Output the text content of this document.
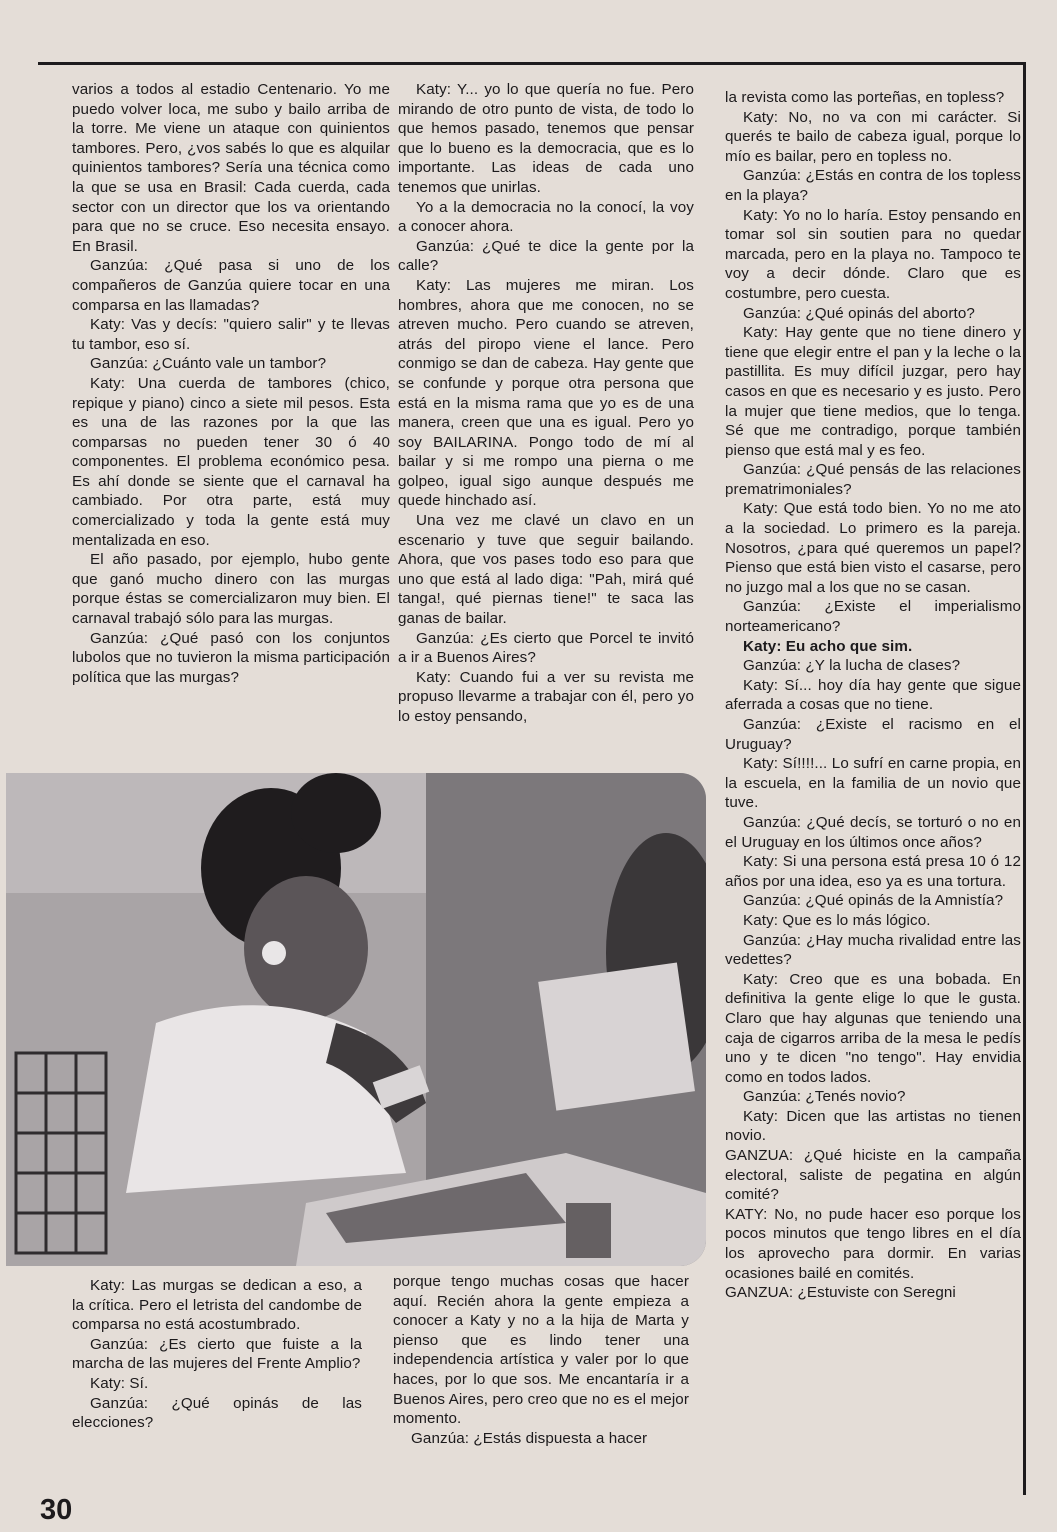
varios a todos al estadio Centenario. Yo me puedo volver loca, me subo y bailo arriba de la torre. Me viene un ataque con quinientos tambores. Pero, ¿vos sabés lo que es alquilar quinientos tambores? Sería una técnica como la que se usa en Brasil: Cada cuerda, cada sector con un director que los va orientando para que no se cruce. Eso necesita ensayo. En Brasil.

Ganzúa: ¿Qué pasa si uno de los compañeros de Ganzúa quiere tocar en una comparsa en las llamadas?

Katy: Vas y decís: "quiero salir" y te llevas tu tambor, eso sí.

Ganzúa: ¿Cuánto vale un tambor?

Katy: Una cuerda de tambores (chico, repique y piano) cinco a siete mil pesos. Esta es una de las razones por la que las comparsas no pueden tener 30 ó 40 componentes. El problema económico pesa. Es ahí donde se siente que el carnaval ha cambiado. Por otra parte, está muy comercializado y toda la gente está muy mentalizada en eso.

El año pasado, por ejemplo, hubo gente que ganó mucho dinero con las murgas porque éstas se comercializaron muy bien. El carnaval trabajó sólo para las murgas.

Ganzúa: ¿Qué pasó con los conjuntos lubolos que no tuvieron la misma participación política que las murgas?

Katy: Y... yo lo que quería no fue. Pero mirando de otro punto de vista, de todo lo que hemos pasado, tenemos que pensar que lo bueno es la democracia, que es lo importante. Las ideas de cada uno tenemos que unirlas.

Yo a la democracia no la conocí, la voy a conocer ahora.

Ganzúa: ¿Qué te dice la gente por la calle?

Katy: Las mujeres me miran. Los hombres, ahora que me conocen, no se atreven mucho. Pero cuando se atreven, atrás del piropo viene el lance. Pero conmigo se dan de cabeza. Hay gente que se confunde y porque otra persona que está en la misma rama que yo es de una manera, creen que una es igual. Pero yo soy BAILARINA. Pongo todo de mí al bailar y si me rompo una pierna o me golpeo, igual sigo aunque después me quede hinchado así.

Una vez me clavé un clavo en un escenario y tuve que seguir bailando. Ahora, que vos pases todo eso para que uno que está al lado diga: "Pah, mirá qué tanga!, qué piernas tiene!" te saca las ganas de bailar.

Ganzúa: ¿Es cierto que Porcel te invitó a ir a Buenos Aires?

Katy: Cuando fui a ver su revista me propuso llevarme a trabajar con él, pero yo lo estoy pensando,

la revista como las porteñas, en topless?

Katy: No, no va con mi carácter. Si querés te bailo de cabeza igual, porque lo mío es bailar, pero en topless no.

Ganzúa: ¿Estás en contra de los topless en la playa?

Katy: Yo no lo haría. Estoy pensando en tomar sol sin soutien para no quedar marcada, pero en la playa no. Tampoco te voy a decir dónde. Claro que es costumbre, pero cuesta.

Ganzúa: ¿Qué opinás del aborto?

Katy: Hay gente que no tiene dinero y tiene que elegir entre el pan y la leche o la pastillita. Es muy difícil juzgar, pero hay casos en que es necesario y es justo. Pero la mujer que tiene medios, que lo tenga. Sé que me contradigo, porque también pienso que está mal y es feo.

Ganzúa: ¿Qué pensás de las relaciones prematrimoniales?

Katy: Que está todo bien. Yo no me ato a la sociedad. Lo primero es la pareja. Nosotros, ¿para qué queremos un papel? Pienso que está bien visto el casarse, pero no juzgo mal a los que no se casan.

Ganzúa: ¿Existe el imperialismo norteamericano?

Katy: Eu acho que sim.

Ganzúa: ¿Y la lucha de clases?

Katy: Sí... hoy día hay gente que sigue aferrada a cosas que no tiene.

Ganzúa: ¿Existe el racismo en el Uruguay?

Katy: Sí!!!!... Lo sufrí en carne propia, en la escuela, en la familia de un novio que tuve.

Ganzúa: ¿Qué decís, se torturó o no en el Uruguay en los últimos once años?

Katy: Si una persona está presa 10 ó 12 años por una idea, eso ya es una tortura.

Ganzúa: ¿Qué opinás de la Amnistía?

Katy: Que es lo más lógico.

Ganzúa: ¿Hay mucha rivalidad entre las vedettes?

Katy: Creo que es una bobada. En definitiva la gente elige lo que le gusta. Claro que hay algunas que teniendo una caja de cigarros arriba de la mesa le pedís uno y te dicen "no tengo". Hay envidia como en todos lados.

Ganzúa: ¿Tenés novio?

Katy: Dicen que las artistas no tienen novio.

GANZUA: ¿Qué hiciste en la campaña electoral, saliste de pegatina en algún comité?

KATY: No, no pude hacer eso porque los pocos minutos que tengo libres en el día los aprovecho para dormir. En varias ocasiones bailé en comités.

GANZUA: ¿Estuviste con Seregni

Katy: Las murgas se dedican a eso, a la crítica. Pero el letrista del candombe de comparsa no está acostumbrado.

Ganzúa: ¿Es cierto que fuiste a la marcha de las mujeres del Frente Amplio?

Katy: Sí.

Ganzúa: ¿Qué opinás de las elecciones?

porque tengo muchas cosas que hacer aquí. Recién ahora la gente empieza a conocer a Katy y no a la hija de Marta y pienso que es lindo tener una independencia artística y valer por lo que haces, por lo que sos. Me encantaría ir a Buenos Aires, pero creo que no es el mejor momento.

Ganzúa: ¿Estás dispuesta a hacer

30
